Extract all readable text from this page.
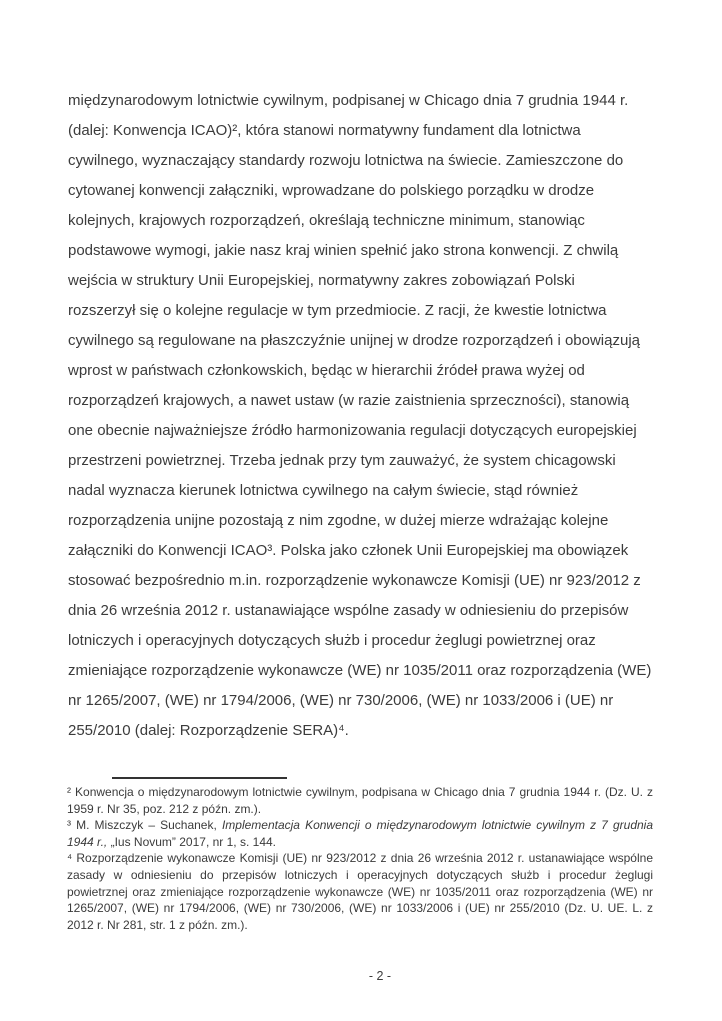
międzynarodowym lotnictwie cywilnym, podpisanej w Chicago dnia 7 grudnia 1944 r.
(dalej: Konwencja ICAO)², która stanowi normatywny fundament dla lotnictwa
cywilnego, wyznaczający standardy rozwoju lotnictwa na świecie. Zamieszczone do
cytowanej konwencji załączniki, wprowadzane do polskiego porządku w drodze
kolejnych, krajowych rozporządzeń, określają techniczne minimum, stanowiąc
podstawowe wymogi, jakie nasz kraj winien spełnić jako strona konwencji. Z chwilą
wejścia w struktury Unii Europejskiej, normatywny zakres zobowiązań Polski
rozszerzył się o kolejne regulacje w tym przedmiocie. Z racji, że kwestie lotnictwa
cywilnego są regulowane na płaszczyźnie unijnej w drodze rozporządzeń i obowiązują
wprost w państwach członkowskich, będąc w hierarchii źródeł prawa wyżej od
rozporządzeń krajowych, a nawet ustaw (w razie zaistnienia sprzeczności), stanowią
one obecnie najważniejsze źródło harmonizowania regulacji dotyczących europejskiej
przestrzeni powietrznej. Trzeba jednak przy tym zauważyć, że system chicagowski
nadal wyznacza kierunek lotnictwa cywilnego na całym świecie, stąd również
rozporządzenia unijne pozostają z nim zgodne, w dużej mierze wdrażając kolejne
załączniki do Konwencji ICAO³. Polska jako członek Unii Europejskiej ma obowiązek
stosować bezpośrednio m.in. rozporządzenie wykonawcze Komisji (UE) nr 923/2012 z
dnia 26 września 2012 r. ustanawiające wspólne zasady w odniesieniu do przepisów
lotniczych i operacyjnych dotyczących służb i procedur żeglugi powietrznej oraz
zmieniające rozporządzenie wykonawcze (WE) nr 1035/2011 oraz rozporządzenia (WE)
nr 1265/2007, (WE) nr 1794/2006, (WE) nr 730/2006, (WE) nr 1033/2006 i (UE) nr
255/2010 (dalej: Rozporządzenie SERA)⁴.

² Konwencja o międzynarodowym lotnictwie cywilnym, podpisana w Chicago dnia 7 grudnia 1944 r. (Dz. U. z 1959 r. Nr 35, poz. 212 z późn. zm.).

³ M. Miszczyk – Suchanek, Implementacja Konwencji o międzynarodowym lotnictwie cywilnym z 7 grudnia 1944 r., „Ius Novum” 2017, nr 1, s. 144.

⁴ Rozporządzenie wykonawcze Komisji (UE) nr 923/2012 z dnia 26 września 2012 r. ustanawiające wspólne zasady w odniesieniu do przepisów lotniczych i operacyjnych dotyczących służb i procedur żeglugi powietrznej oraz zmieniające rozporządzenie wykonawcze (WE) nr 1035/2011 oraz rozporządzenia (WE) nr 1265/2007, (WE) nr 1794/2006, (WE) nr 730/2006, (WE) nr 1033/2006 i (UE) nr 255/2010 (Dz. U. UE. L. z 2012 r. Nr 281, str. 1 z późn. zm.).

- 2 -
